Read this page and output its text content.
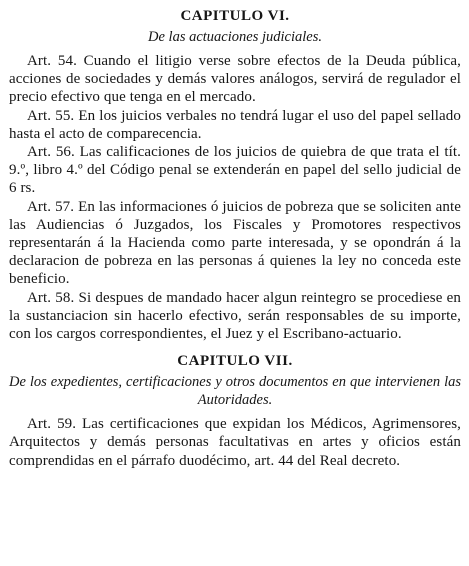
CAPITULO VI.

De las actuaciones judiciales.

Art. 54. Cuando el litigio verse sobre efectos de la Deuda pública, acciones de sociedades y demás valores análogos, servirá de regulador el precio efectivo que tenga en el mercado.

Art. 55. En los juicios verbales no tendrá lugar el uso del papel sellado hasta el acto de comparecencia.

Art. 56. Las calificaciones de los juicios de quiebra de que trata el tít. 9.º, libro 4.º del Código penal se extenderán en papel del sello judicial de 6 rs.

Art. 57. En las informaciones ó juicios de pobreza que se soliciten ante las Audiencias ó Juzgados, los Fiscales y Promotores respectivos representarán á la Hacienda como parte interesada, y se opondrán á la declaracion de pobreza en las personas á quienes la ley no conceda este beneficio.

Art. 58. Si despues de mandado hacer algun reintegro se procediese en la sustanciacion sin hacerlo efectivo, serán responsables de su importe, con los cargos correspondientes, el Juez y el Escribano-actuario.

CAPITULO VII.

De los expedientes, certificaciones y otros documentos en que intervienen las Autoridades.

Art. 59. Las certificaciones que expidan los Médicos, Agrimensores, Arquitectos y demás personas facultativas en artes y oficios están comprendidas en el párrafo duodécimo, art. 44 del Real decreto.
